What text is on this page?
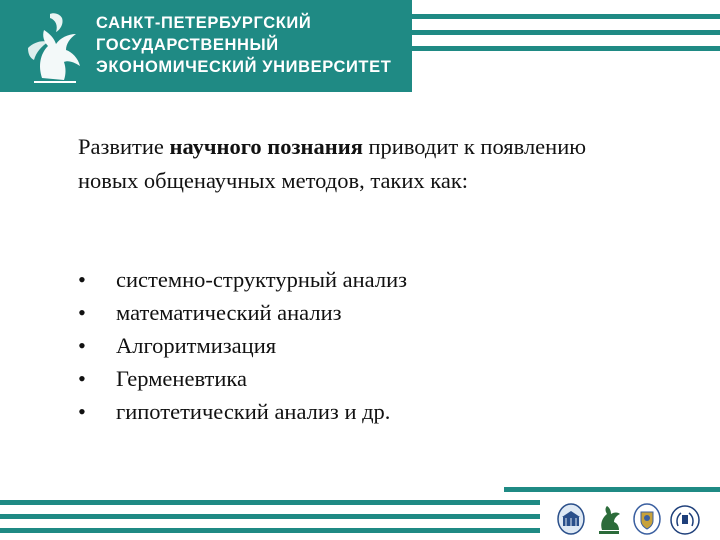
САНКТ-ПЕТЕРБУРГСКИЙ
ГОСУДАРСТВЕННЫЙ
ЭКОНОМИЧЕСКИЙ УНИВЕРСИТЕТ

Развитие научного познания приводит к появлению новых общенаучных методов, таких как:

• системно-структурный анализ
• математический анализ
• Алгоритмизация
• Герменевтика
• гипотетический анализ и др.
